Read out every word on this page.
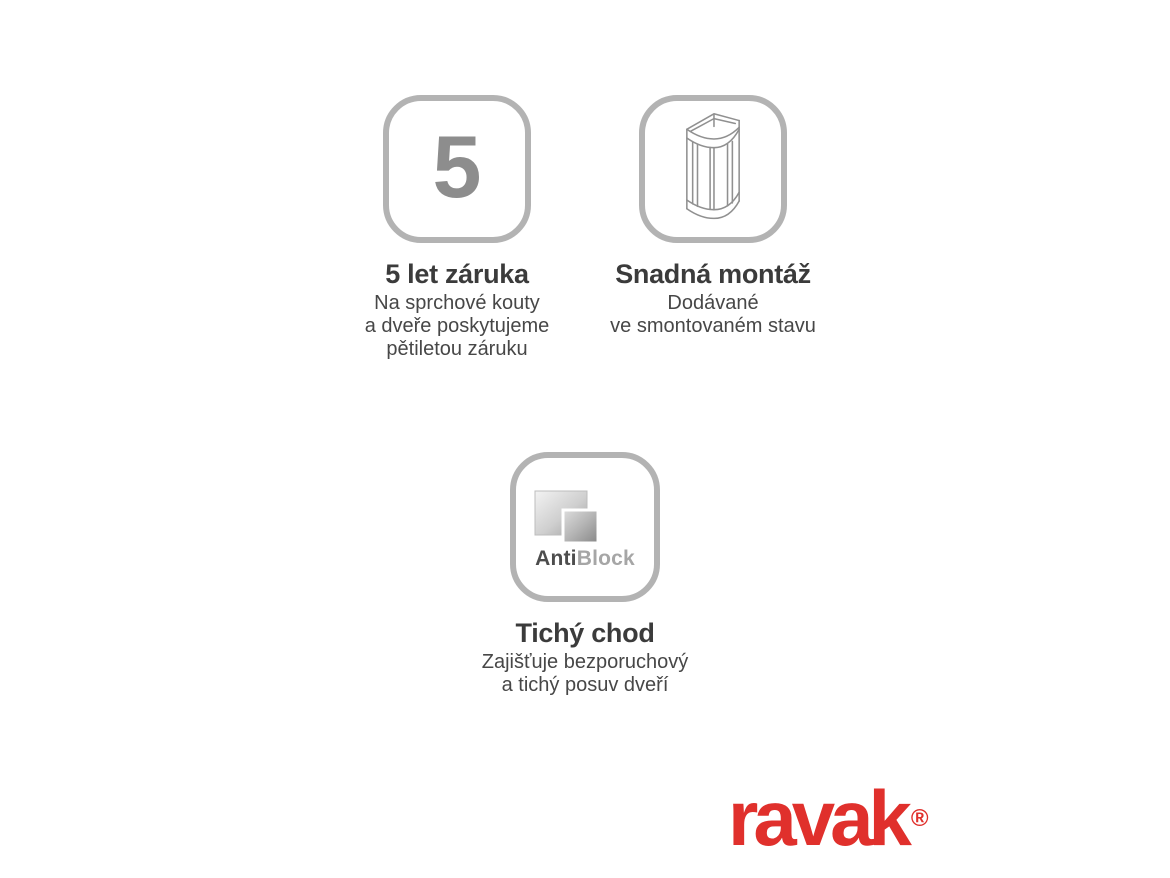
5
5 let záruka

Na sprchové kouty

a dveře poskytujeme

pětiletou záruku

Snadná montáž

Dodávané

ve smontovaném stavu

AntiBlock
Tichý chod

Zajišťuje bezporuchový

a tichý posuv dveří

ravak ®
